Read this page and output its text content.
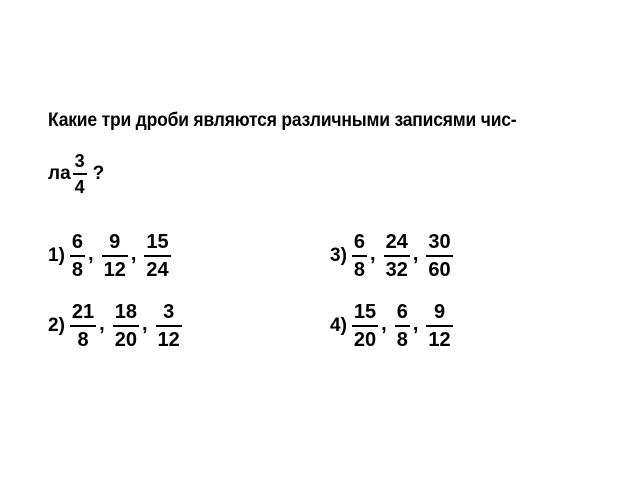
Какие три дроби являются различными записями чис-
ла $\frac{3}{4}$ ?
$1) \frac{6}{8}$ , $\frac{9}{12}$ , $\frac{15}{24}$
$2) \frac{21}{8}$ , $\frac{18}{20}$ , $\frac{3}{12}$
$3) \frac{6}{8}$ , $\frac{24}{32}$ , $\frac{30}{60}$
$4) \frac{15}{20}$ , $\frac{6}{8}$ , $\frac{9}{12}$
